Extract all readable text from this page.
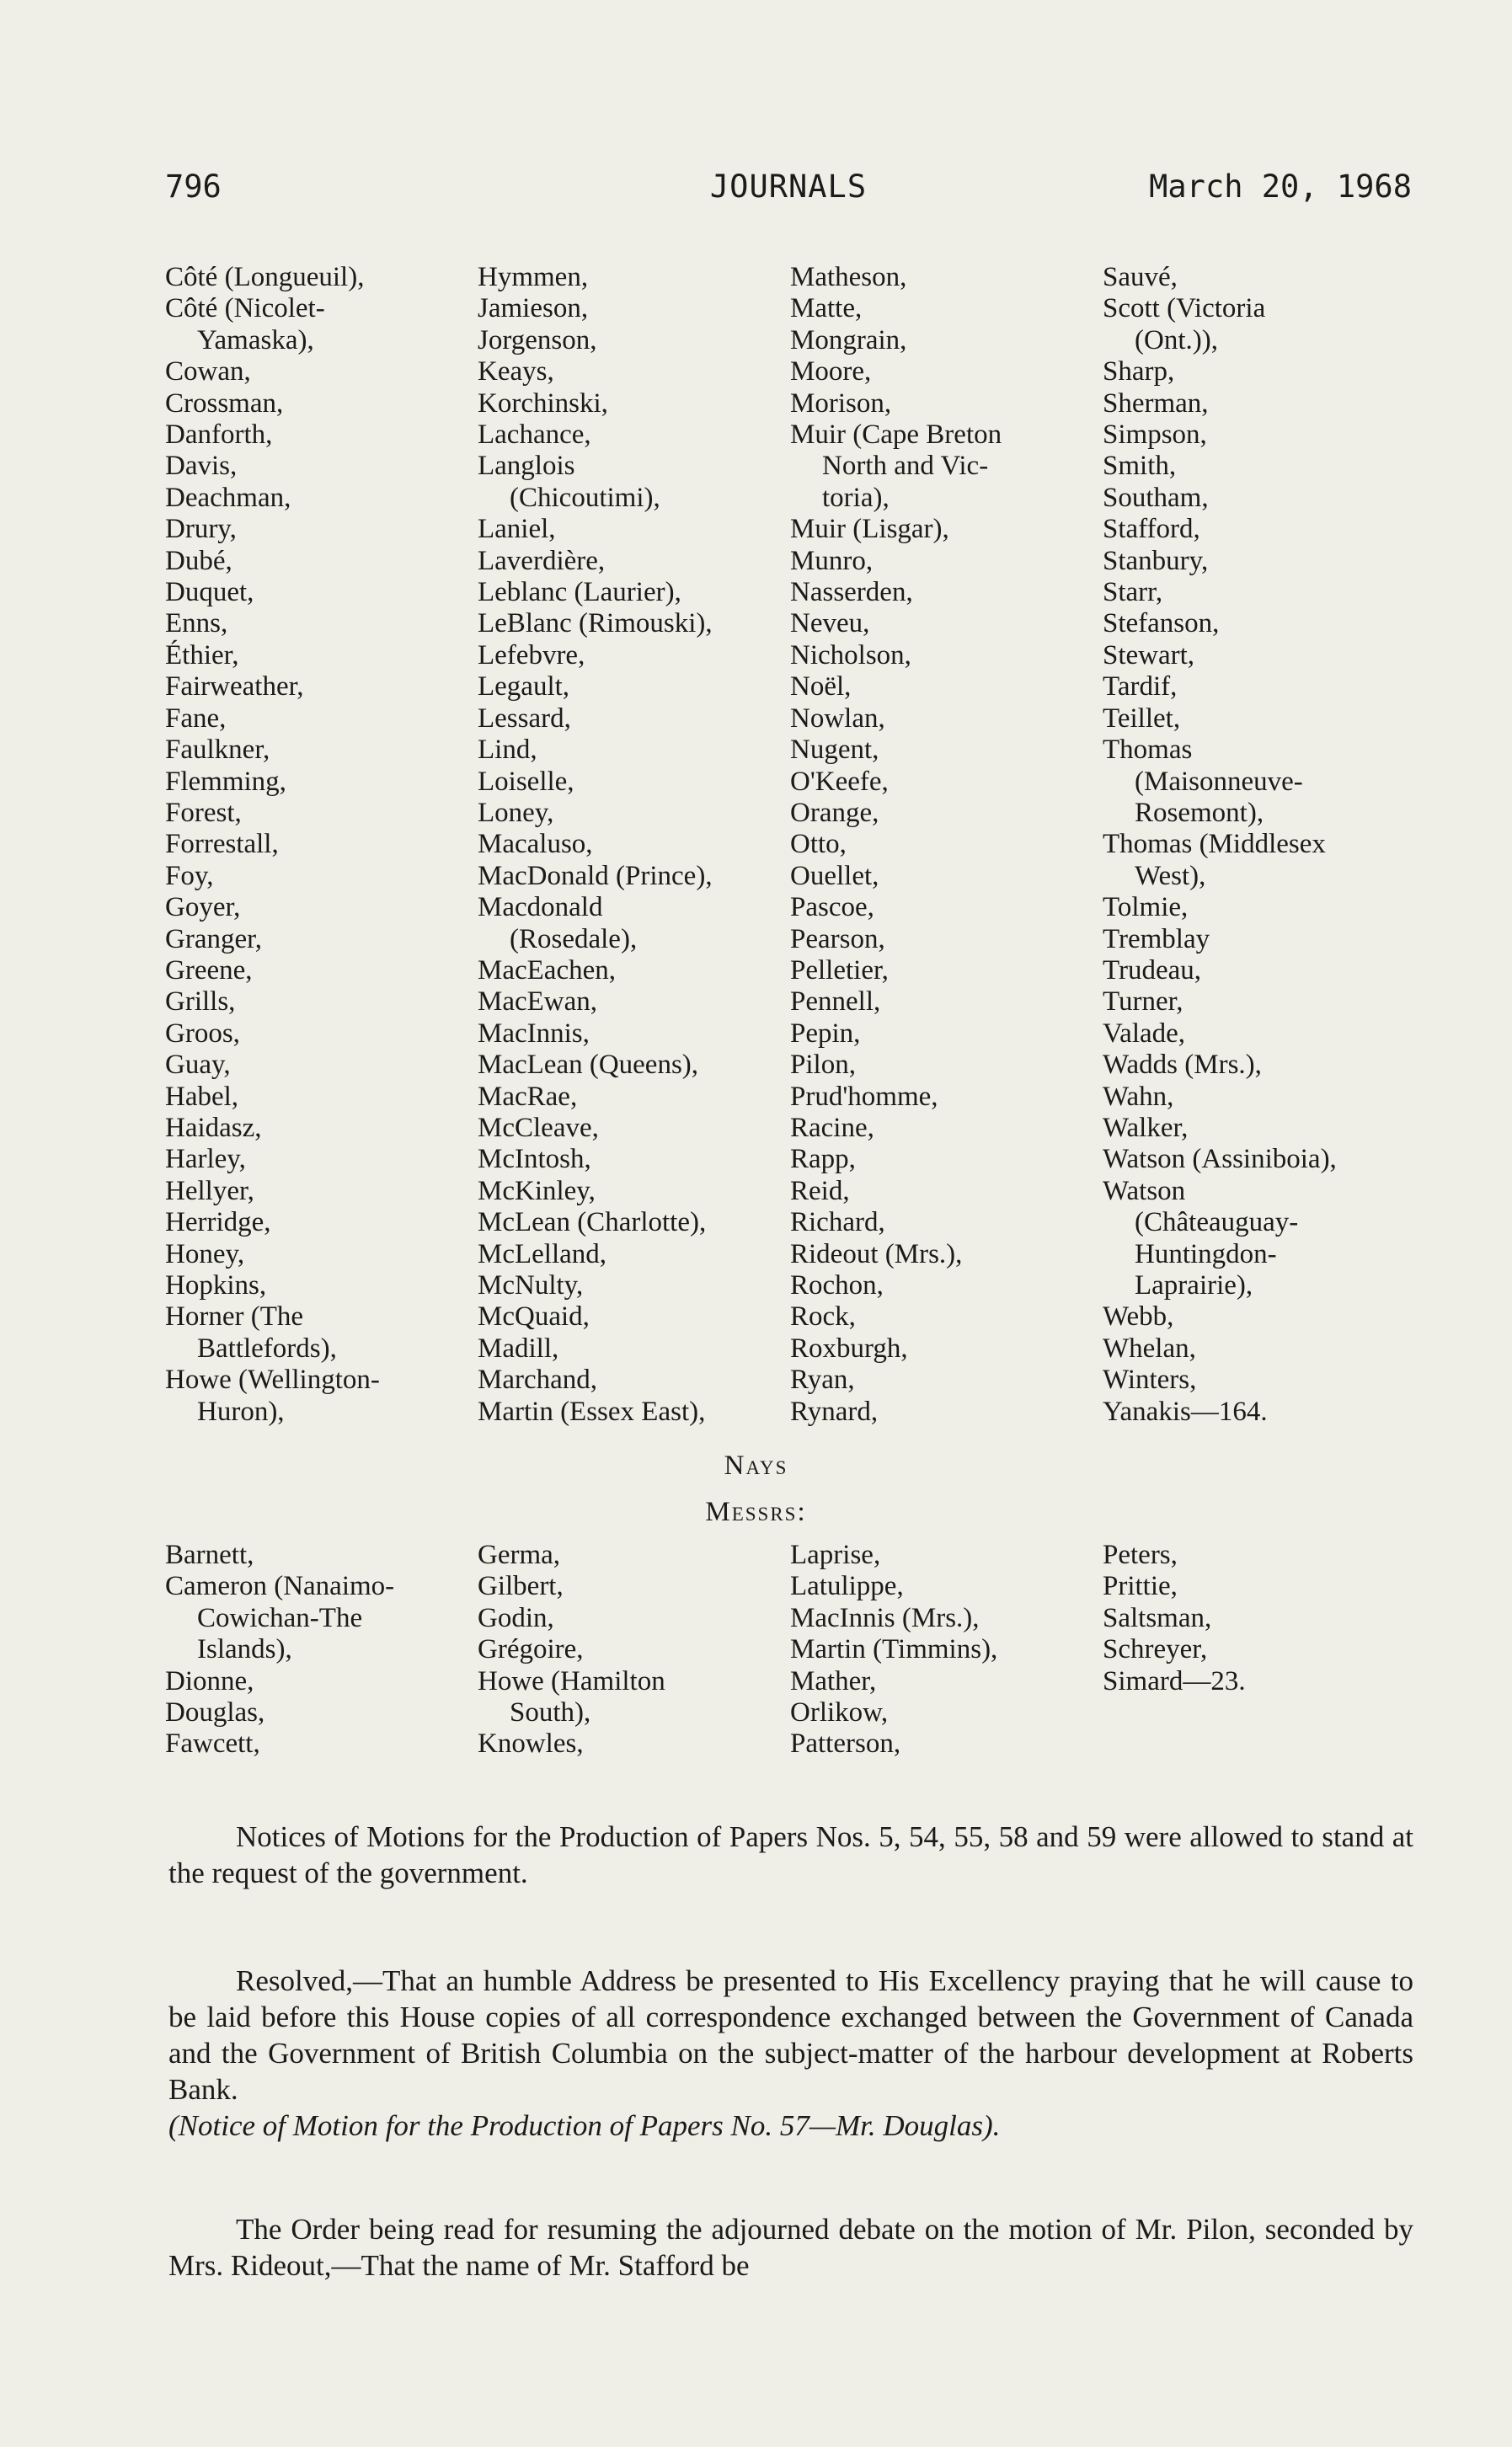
796	JOURNALS	March 20, 1968
Côté (Longueuil),
Côté (Nicolet-
Yamaska),
Cowan,
Crossman,
Danforth,
Davis,
Deachman,
Drury,
Dubé,
Duquet,
Enns,
Éthier,
Fairweather,
Fane,
Faulkner,
Flemming,
Forest,
Forrestall,
Foy,
Goyer,
Granger,
Greene,
Grills,
Groos,
Guay,
Habel,
Haidasz,
Harley,
Hellyer,
Herridge,
Honey,
Hopkins,
Horner (The
Battlefords),
Howe (Wellington-
Huron),
Hymmen,
Jamieson,
Jorgenson,
Keays,
Korchinski,
Lachance,
Langlois
(Chicoutimi),
Laniel,
Laverdière,
Leblanc (Laurier),
LeBlanc (Rimouski),
Lefebvre,
Legault,
Lessard,
Lind,
Loiselle,
Loney,
Macaluso,
MacDonald (Prince),
Macdonald
(Rosedale),
MacEachen,
MacEwan,
MacInnis,
MacLean (Queens),
MacRae,
McCleave,
McIntosh,
McKinley,
McLean (Charlotte),
McLelland,
McNulty,
McQuaid,
Madill,
Marchand,
Martin (Essex East),
Matheson,
Matte,
Mongrain,
Moore,
Morison,
Muir (Cape Breton
North and Vic-
toria),
Muir (Lisgar),
Munro,
Nasserden,
Neveu,
Nicholson,
Noël,
Nowlan,
Nugent,
O'Keefe,
Orange,
Otto,
Ouellet,
Pascoe,
Pearson,
Pelletier,
Pennell,
Pepin,
Pilon,
Prud'homme,
Racine,
Rapp,
Reid,
Richard,
Rideout (Mrs.),
Rochon,
Rock,
Roxburgh,
Ryan,
Rynard,
Sauvé,
Scott (Victoria
(Ont.)),
Sharp,
Sherman,
Simpson,
Smith,
Southam,
Stafford,
Stanbury,
Starr,
Stefanson,
Stewart,
Tardif,
Teillet,
Thomas
(Maisonneuve-
Rosemont),
Thomas (Middlesex
West),
Tolmie,
Tremblay
Trudeau,
Turner,
Valade,
Wadds (Mrs.),
Wahn,
Walker,
Watson (Assiniboia),
Watson
(Châteauguay-
Huntingdon-
Laprairie),
Webb,
Whelan,
Winters,
Yanakis—164.
Nays
Messrs:
Barnett,
Cameron (Nanaimo-
Cowichan-The
Islands),
Dionne,
Douglas,
Fawcett,
Germa,
Gilbert,
Godin,
Grégoire,
Howe (Hamilton
South),
Knowles,
Laprise,
Latulippe,
MacInnis (Mrs.),
Martin (Timmins),
Mather,
Orlikow,
Patterson,
Peters,
Prittie,
Saltsman,
Schreyer,
Simard—23.

Notices of Motions for the Production of Papers Nos. 5, 54, 55, 58 and 59 were allowed to stand at the request of the government.

Resolved,—That an humble Address be presented to His Excellency praying that he will cause to be laid before this House copies of all correspondence exchanged between the Government of Canada and the Government of British Columbia on the subject-matter of the harbour development at Roberts Bank.

(Notice of Motion for the Production of Papers No. 57—Mr. Douglas).

The Order being read for resuming the adjourned debate on the motion of Mr. Pilon, seconded by Mrs. Rideout,—That the name of Mr. Stafford be
